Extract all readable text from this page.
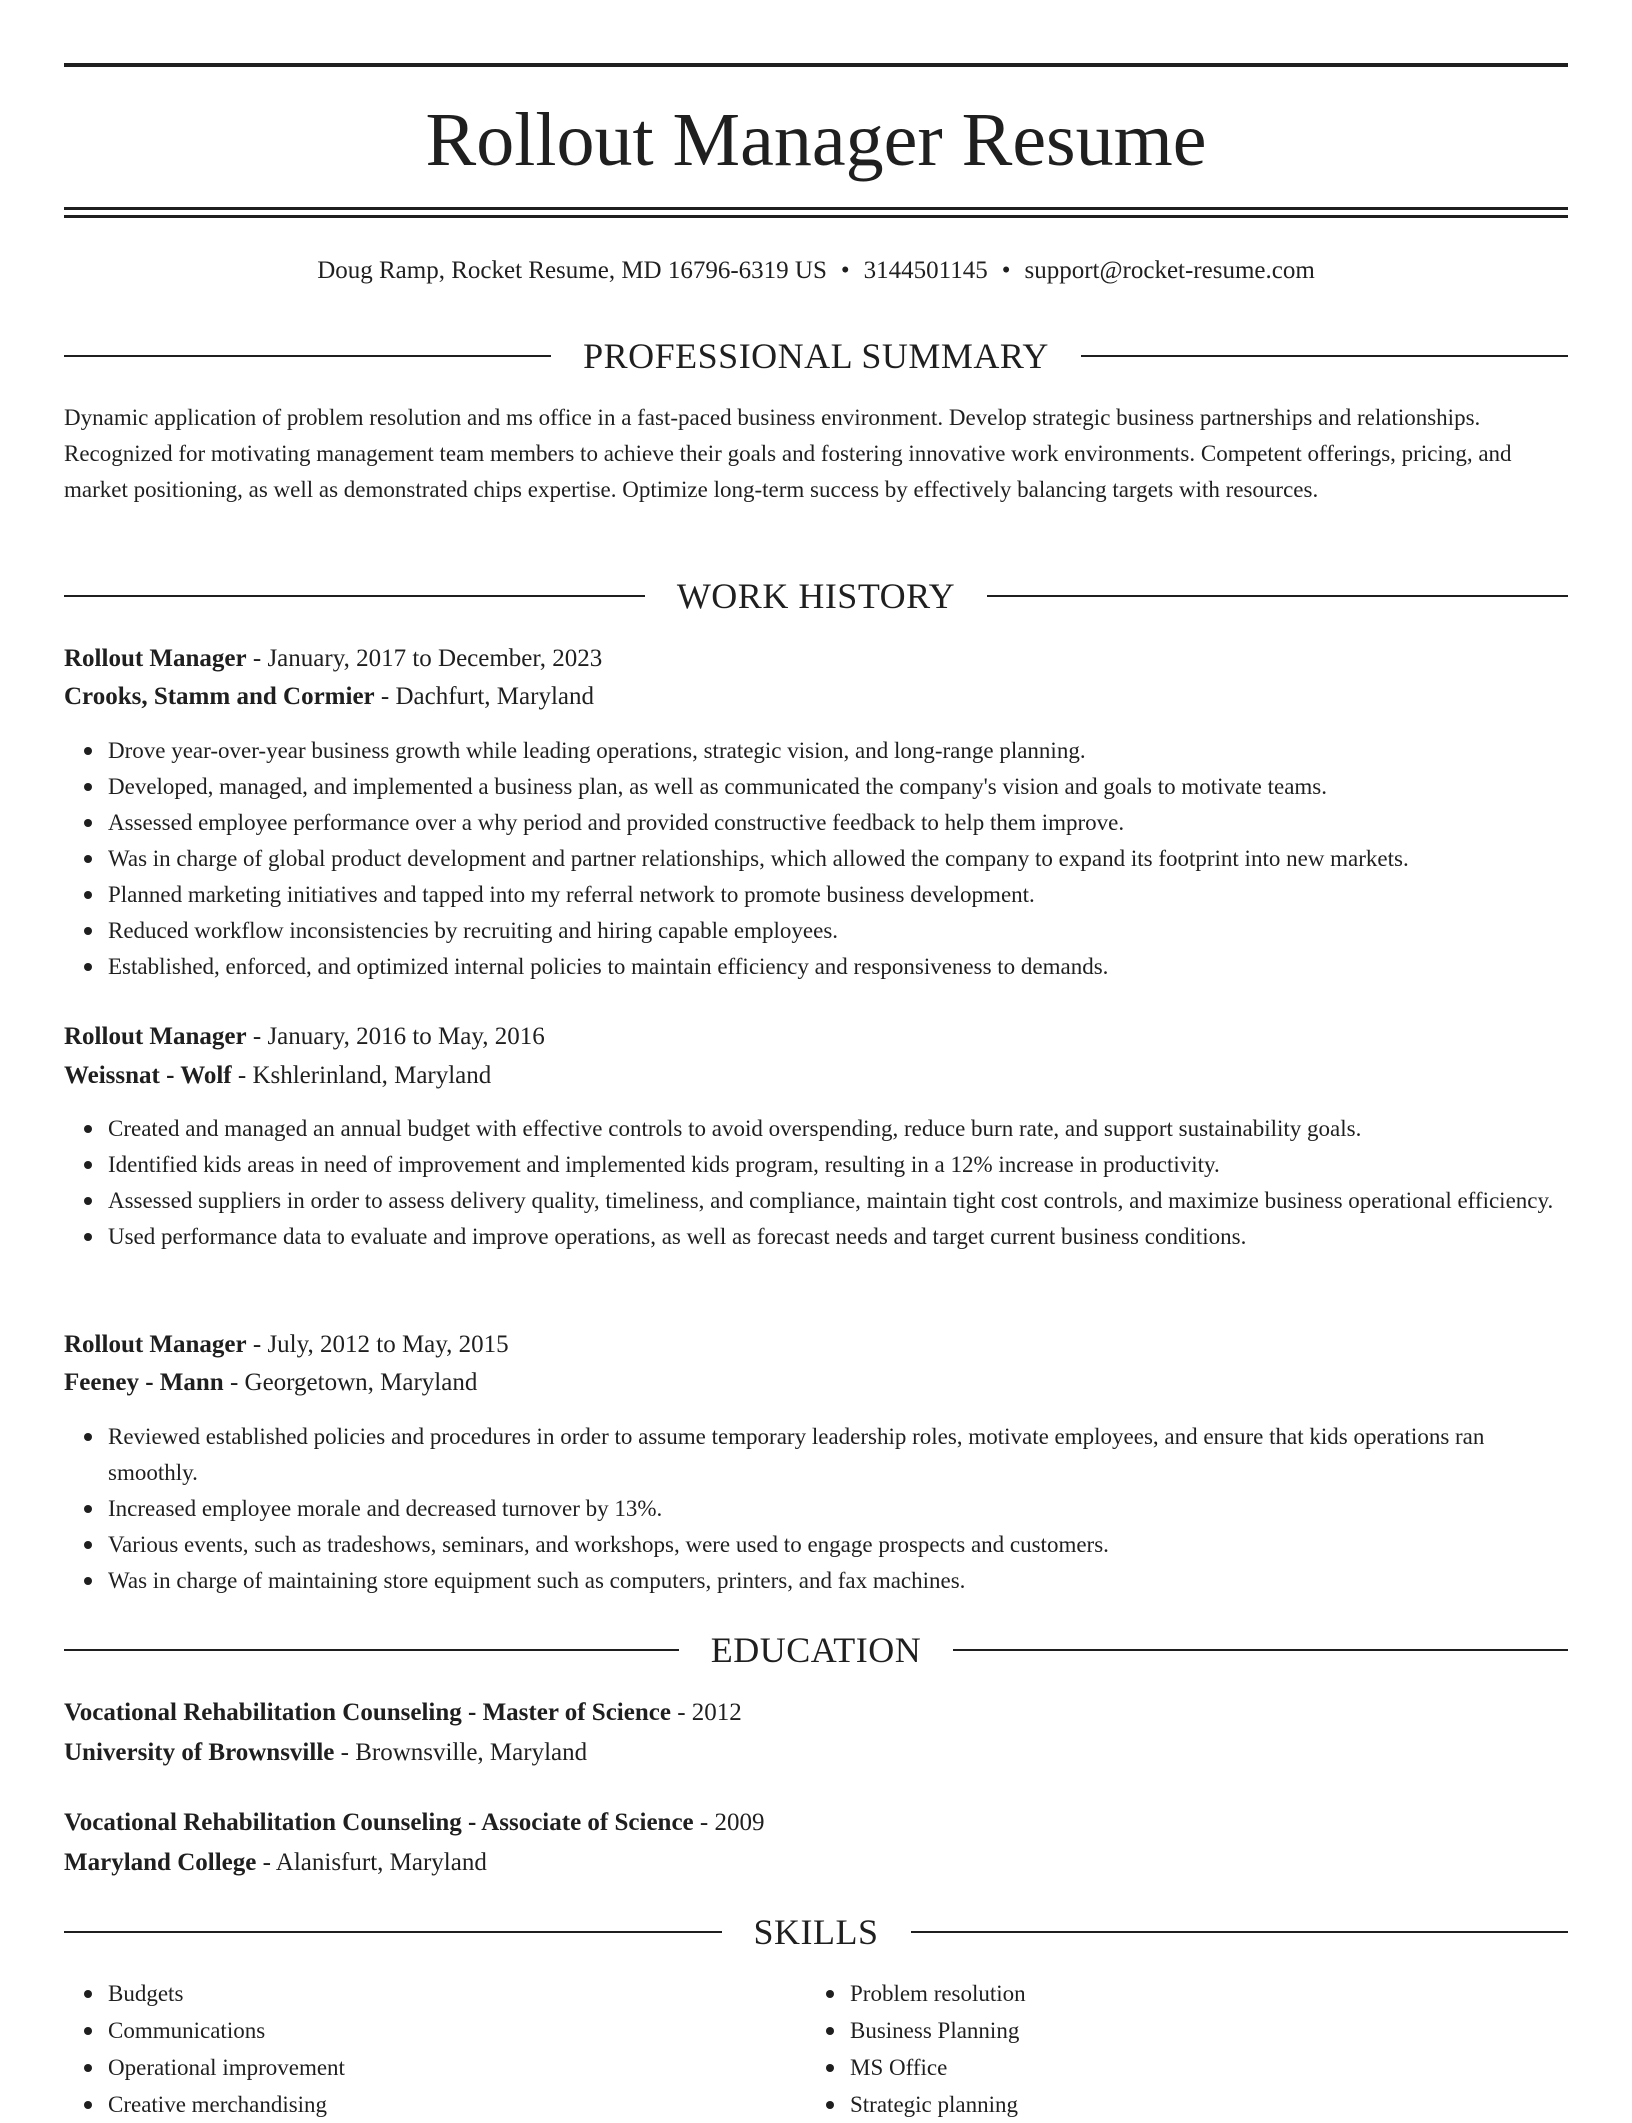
Rollout Manager Resume
Doug Ramp, Rocket Resume, MD 16796-6319 US • 3144501145 • support@rocket-resume.com
PROFESSIONAL SUMMARY

Dynamic application of problem resolution and ms office in a fast-paced business environment. Develop strategic business partnerships and relationships. Recognized for motivating management team members to achieve their goals and fostering innovative work environments. Competent offerings, pricing, and market positioning, as well as demonstrated chips expertise. Optimize long-term success by effectively balancing targets with resources.

WORK HISTORY
Rollout Manager - January, 2017 to December, 2023
Crooks, Stamm and Cormier - Dachfurt, Maryland
Drove year-over-year business growth while leading operations, strategic vision, and long-range planning.
Developed, managed, and implemented a business plan, as well as communicated the company's vision and goals to motivate teams.
Assessed employee performance over a why period and provided constructive feedback to help them improve.
Was in charge of global product development and partner relationships, which allowed the company to expand its footprint into new markets.
Planned marketing initiatives and tapped into my referral network to promote business development.
Reduced workflow inconsistencies by recruiting and hiring capable employees.
Established, enforced, and optimized internal policies to maintain efficiency and responsiveness to demands.
Rollout Manager - January, 2016 to May, 2016
Weissnat - Wolf - Kshlerinland, Maryland
Created and managed an annual budget with effective controls to avoid overspending, reduce burn rate, and support sustainability goals.
Identified kids areas in need of improvement and implemented kids program, resulting in a 12% increase in productivity.
Assessed suppliers in order to assess delivery quality, timeliness, and compliance, maintain tight cost controls, and maximize business operational efficiency.
Used performance data to evaluate and improve operations, as well as forecast needs and target current business conditions.
Rollout Manager - July, 2012 to May, 2015
Feeney - Mann - Georgetown, Maryland
Reviewed established policies and procedures in order to assume temporary leadership roles, motivate employees, and ensure that kids operations ran smoothly.
Increased employee morale and decreased turnover by 13%.
Various events, such as tradeshows, seminars, and workshops, were used to engage prospects and customers.
Was in charge of maintaining store equipment such as computers, printers, and fax machines.
EDUCATION
Vocational Rehabilitation Counseling - Master of Science - 2012
University of Brownsville - Brownsville, Maryland
Vocational Rehabilitation Counseling - Associate of Science - 2009
Maryland College - Alanisfurt, Maryland
SKILLS
Budgets
Communications
Operational improvement
Creative merchandising
Problem resolution
Business Planning
MS Office
Strategic planning
